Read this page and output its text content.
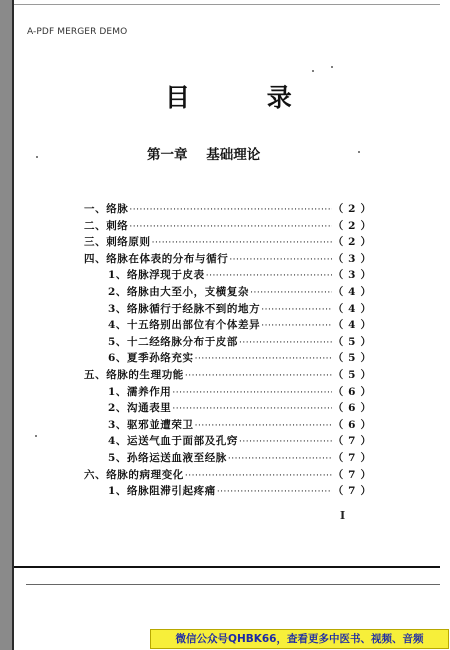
A-PDF MERGER DEMO
目 录
第一章    基础理论
一、络脉 ·····	（2）
二、刺络 ·····	（2）
三、刺络原则 ·····	（2）
四、络脉在体表的分布与循行 ·····	（3）
1、络脉浮现于皮表 ·····	（3）
2、络脉由大至小，支横复杂 ·····	（4）
3、络脉循行于经脉不到的地方 ·····	（4）
4、十五络别出部位有个体差异 ·····	（4）
5、十二经络脉分布于皮部 ·····	（5）
6、夏季孙络充实 ·····	（5）
五、络脉的生理功能 ·····	（5）
1、濡养作用 ·····	（6）
2、沟通表里 ·····	（6）
3、驱邪並遭荣卫 ·····	（6）
4、运送气血于面部及孔窍 ·····	（7）
5、孙络运送血液至经脉 ·····	（7）
六、络脉的病理变化 ·····	（7）
1、络脉阻滞引起疼痛 ·····	（7）
I
微信公众号QHBK66，查看更多中医书、视频、音频
